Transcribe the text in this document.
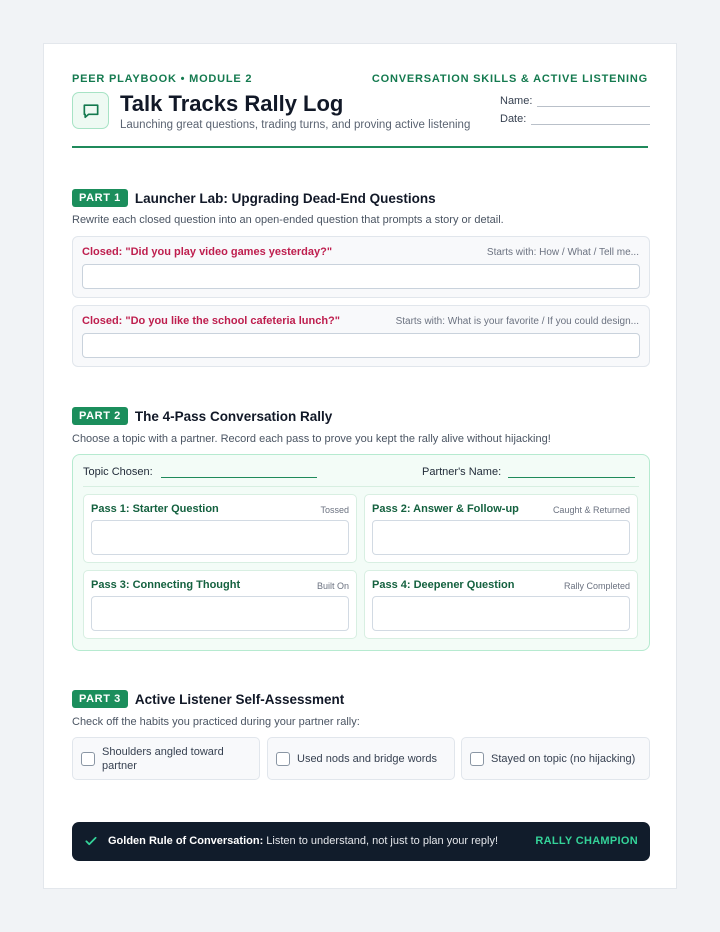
PEER PLAYBOOK • MODULE 2	CONVERSATION SKILLS & ACTIVE LISTENING
Talk Tracks Rally Log
Launching great questions, trading turns, and proving active listening
Name:
Date:
PART 1	Launcher Lab: Upgrading Dead-End Questions
Rewrite each closed question into an open-ended question that prompts a story or detail.
Closed: "Did you play video games yesterday?"	Starts with: How / What / Tell me...
Closed: "Do you like the school cafeteria lunch?"	Starts with: What is your favorite / If you could design...
PART 2	The 4-Pass Conversation Rally
Choose a topic with a partner. Record each pass to prove you kept the rally alive without hijacking!
Topic Chosen:	Partner's Name:
Pass 1: Starter Question	Tossed Pass 2: Answer & Follow-up	Caught & Returned
Pass 3: Connecting Thought	Built On Pass 4: Deepener Question	Rally Completed
PART 3	Active Listener Self-Assessment
Check off the habits you practiced during your partner rally:
Shoulders angled toward partner
Used nods and bridge words	Stayed on topic (no hijacking)
Golden Rule of Conversation: Listen to understand, not just to plan your reply!	RALLY CHAMPION
